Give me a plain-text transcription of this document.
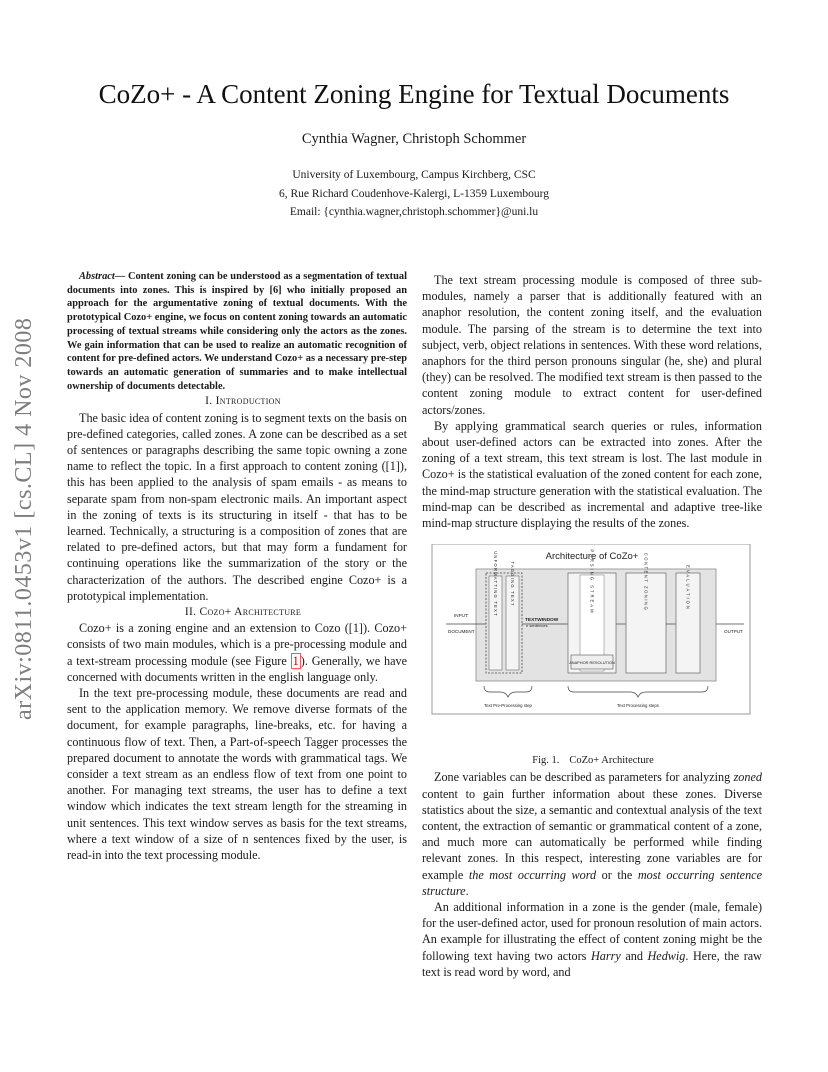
arXiv:0811.0453v1 [cs.CL] 4 Nov 2008
CoZo+ - A Content Zoning Engine for Textual Documents
Cynthia Wagner, Christoph Schommer
University of Luxembourg, Campus Kirchberg, CSC
6, Rue Richard Coudenhove-Kalergi, L-1359 Luxembourg
Email: {cynthia.wagner,christoph.schommer}@uni.lu

Abstract— Content zoning can be understood as a segmentation of textual documents into zones. This is inspired by [6] who initially proposed an approach for the argumentative zoning of textual documents. With the prototypical Cozo+ engine, we focus on content zoning towards an automatic processing of textual streams while considering only the actors as the zones. We gain information that can be used to realize an automatic recognition of content for pre-defined actors. We understand Cozo+ as a necessary pre-step towards an automatic generation of summaries and to make intellectual ownership of documents detectable.

I. Introduction

The basic idea of content zoning is to segment texts on the basis on pre-defined categories, called zones. A zone can be described as a set of sentences or paragraphs describing the same topic owning a zone name to reflect the topic. In a first approach to content zoning ([1]), this has been applied to the analysis of spam emails - as means to separate spam from non-spam electronic mails. An important aspect in the zoning of texts is its structuring in itself - that has to be learned. Technically, a structuring is a composition of zones that are related to pre-defined actors, but that may form a fundament for continuing operations like the summarization of the story or the characterization of the authors. The described engine Cozo+ is a prototypical implementation.

II. Cozo+ Architecture

Cozo+ is a zoning engine and an extension to Cozo ([1]). Cozo+ consists of two main modules, which is a pre-processing module and a text-stream processing module (see Figure 1 ). Generally, we have concerned with documents written in the english language only.

In the text pre-processing module, these documents are read and sent to the application memory. We remove diverse formats of the document, for example paragraphs, line-breaks, etc. for having a continuous flow of text. Then, a Part-of-speech Tagger processes the prepared document to annotate the words with grammatical tags. We consider a text stream as an endless flow of text from one point to another. For managing text streams, the user has to define a text window which indicates the text stream length for the streaming in unit sentences. This text window serves as basis for the text streams, where a text window of a size of n sentences fixed by the user, is read-in into the text processing module.

The text stream processing module is composed of three sub-modules, namely a parser that is additionally featured with an anaphor resolution, the content zoning itself, and the evaluation module. The parsing of the stream is to determine the text into subject, verb, object relations in sentences. With these word relations, anaphors for the third person pronouns singular (he, she) and plural (they) can be resolved. The modified text stream is then passed to the content zoning module to extract content for user-defined actors/zones.

By applying grammatical search queries or rules, information about user-defined actors can be extracted into zones. After the zoning of a text stream, this text stream is lost. The last module in Cozo+ is the statistical evaluation of the zoned content for each zone, the mind-map structure generation with the statistical evaluation. The mind-map can be described as incremental and adaptive tree-like mind-map structure displaying the results of the zones.

Architecture of CoZo+
UNFORMATTING TEXT	TAGGING TEXT
INPUT:
DOCUMENT
TEXTWINDOW
n sentences
PARSING STREAM
ANAPHOR RESOLUTION
CONTENT ZONING	EVALUATION
OUTPUT
Text Pre-Processing step	Text Processing steps

Fig. 1. CoZo+ Architecture

Zone variables can be described as parameters for analyzing zoned content to gain further information about these zones. Diverse statistics about the size, a semantic and contextual analysis of the text content, the extraction of semantic or grammatical content of a zone, and much more can automatically be performed while finding relevant zones. In this respect, interesting zone variables are for example the most occurring word or the most occurring sentence structure.

An additional information in a zone is the gender (male, female) for the user-defined actor, used for pronoun resolution of main actors. An example for illustrating the effect of content zoning might be the following text having two actors Harry and Hedwig. Here, the raw text is read word by word, and
